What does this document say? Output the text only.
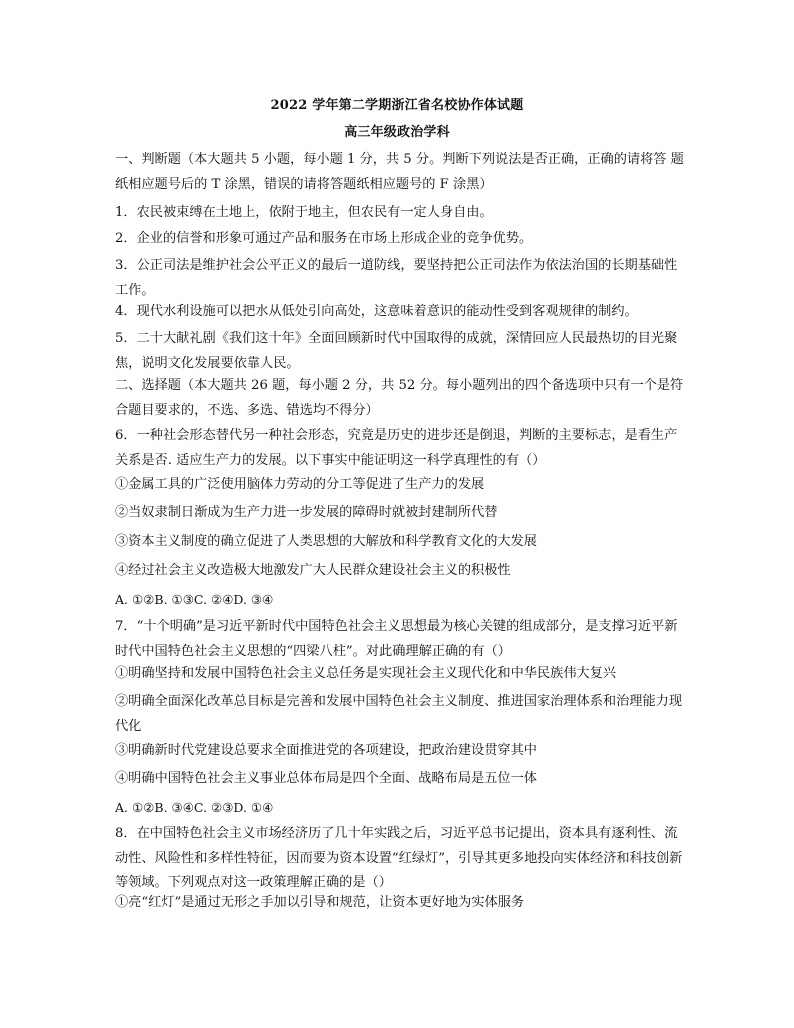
2022 学年第二学期浙江省名校协作体试题
高三年级政治学科
一、判断题（本大题共 5 小题，每小题 1 分，共 5 分。判断下列说法是否正确，正确的请将答 题纸相应题号后的 T 涂黑，错误的请将答题纸相应题号的 F 涂黑）
1．农民被束缚在土地上，依附于地主，但农民有一定人身自由。
2．企业的信誉和形象可通过产品和服务在市场上形成企业的竞争优势。
3．公正司法是维护社会公平正义的最后一道防线，要坚持把公正司法作为依法治国的长期基础性工作。
4．现代水利设施可以把水从低处引向高处，这意味着意识的能动性受到客观规律的制约。
5．二十大献礼剧《我们这十年》全面回顾新时代中国取得的成就，深情回应人民最热切的目光聚焦，说明文化发展要依靠人民。
二、选择题（本大题共 26 题，每小题 2 分，共 52 分。每小题列出的四个备选项中只有一个是符合题目要求的，不选、多选、错选均不得分）
6．一种社会形态替代另一种社会形态，究竟是历史的进步还是倒退，判断的主要标志，是看生产关系是否. 适应生产力的发展。以下事实中能证明这一科学真理性的有（）
①金属工具的广泛使用脑体力劳动的分工等促进了生产力的发展
②当奴隶制日渐成为生产力进一步发展的障碍时就被封建制所代替
③资本主义制度的确立促进了人类思想的大解放和科学教育文化的大发展
④经过社会主义改造极大地激发广大人民群众建设社会主义的积极性
A. ①②B. ①③C. ②④D. ③④
7．“十个明确”是习近平新时代中国特色社会主义思想最为核心关键的组成部分，是支撑习近平新时代中国特色社会主义思想的“四梁八柱”。对此确理解正确的有（）
①明确坚持和发展中国特色社会主义总任务是实现社会主义现代化和中华民族伟大复兴
②明确全面深化改革总目标是完善和发展中国特色社会主义制度、推进国家治理体系和治理能力现代化
③明确新时代党建设总要求全面推进党的各项建设，把政治建设贯穿其中
④明确中国特色社会主义事业总体布局是四个全面、战略布局是五位一体
A. ①②B. ③④C. ②③D. ①④
8．在中国特色社会主义市场经济历了几十年实践之后，习近平总书记提出，资本具有逐利性、流动性、风险性和多样性特征，因而要为资本设置“红绿灯”，引导其更多地投向实体经济和科技创新等领域。下列观点对这一政策理解正确的是（）
①亮“红灯”是通过无形之手加以引导和规范，让资本更好地为实体服务
